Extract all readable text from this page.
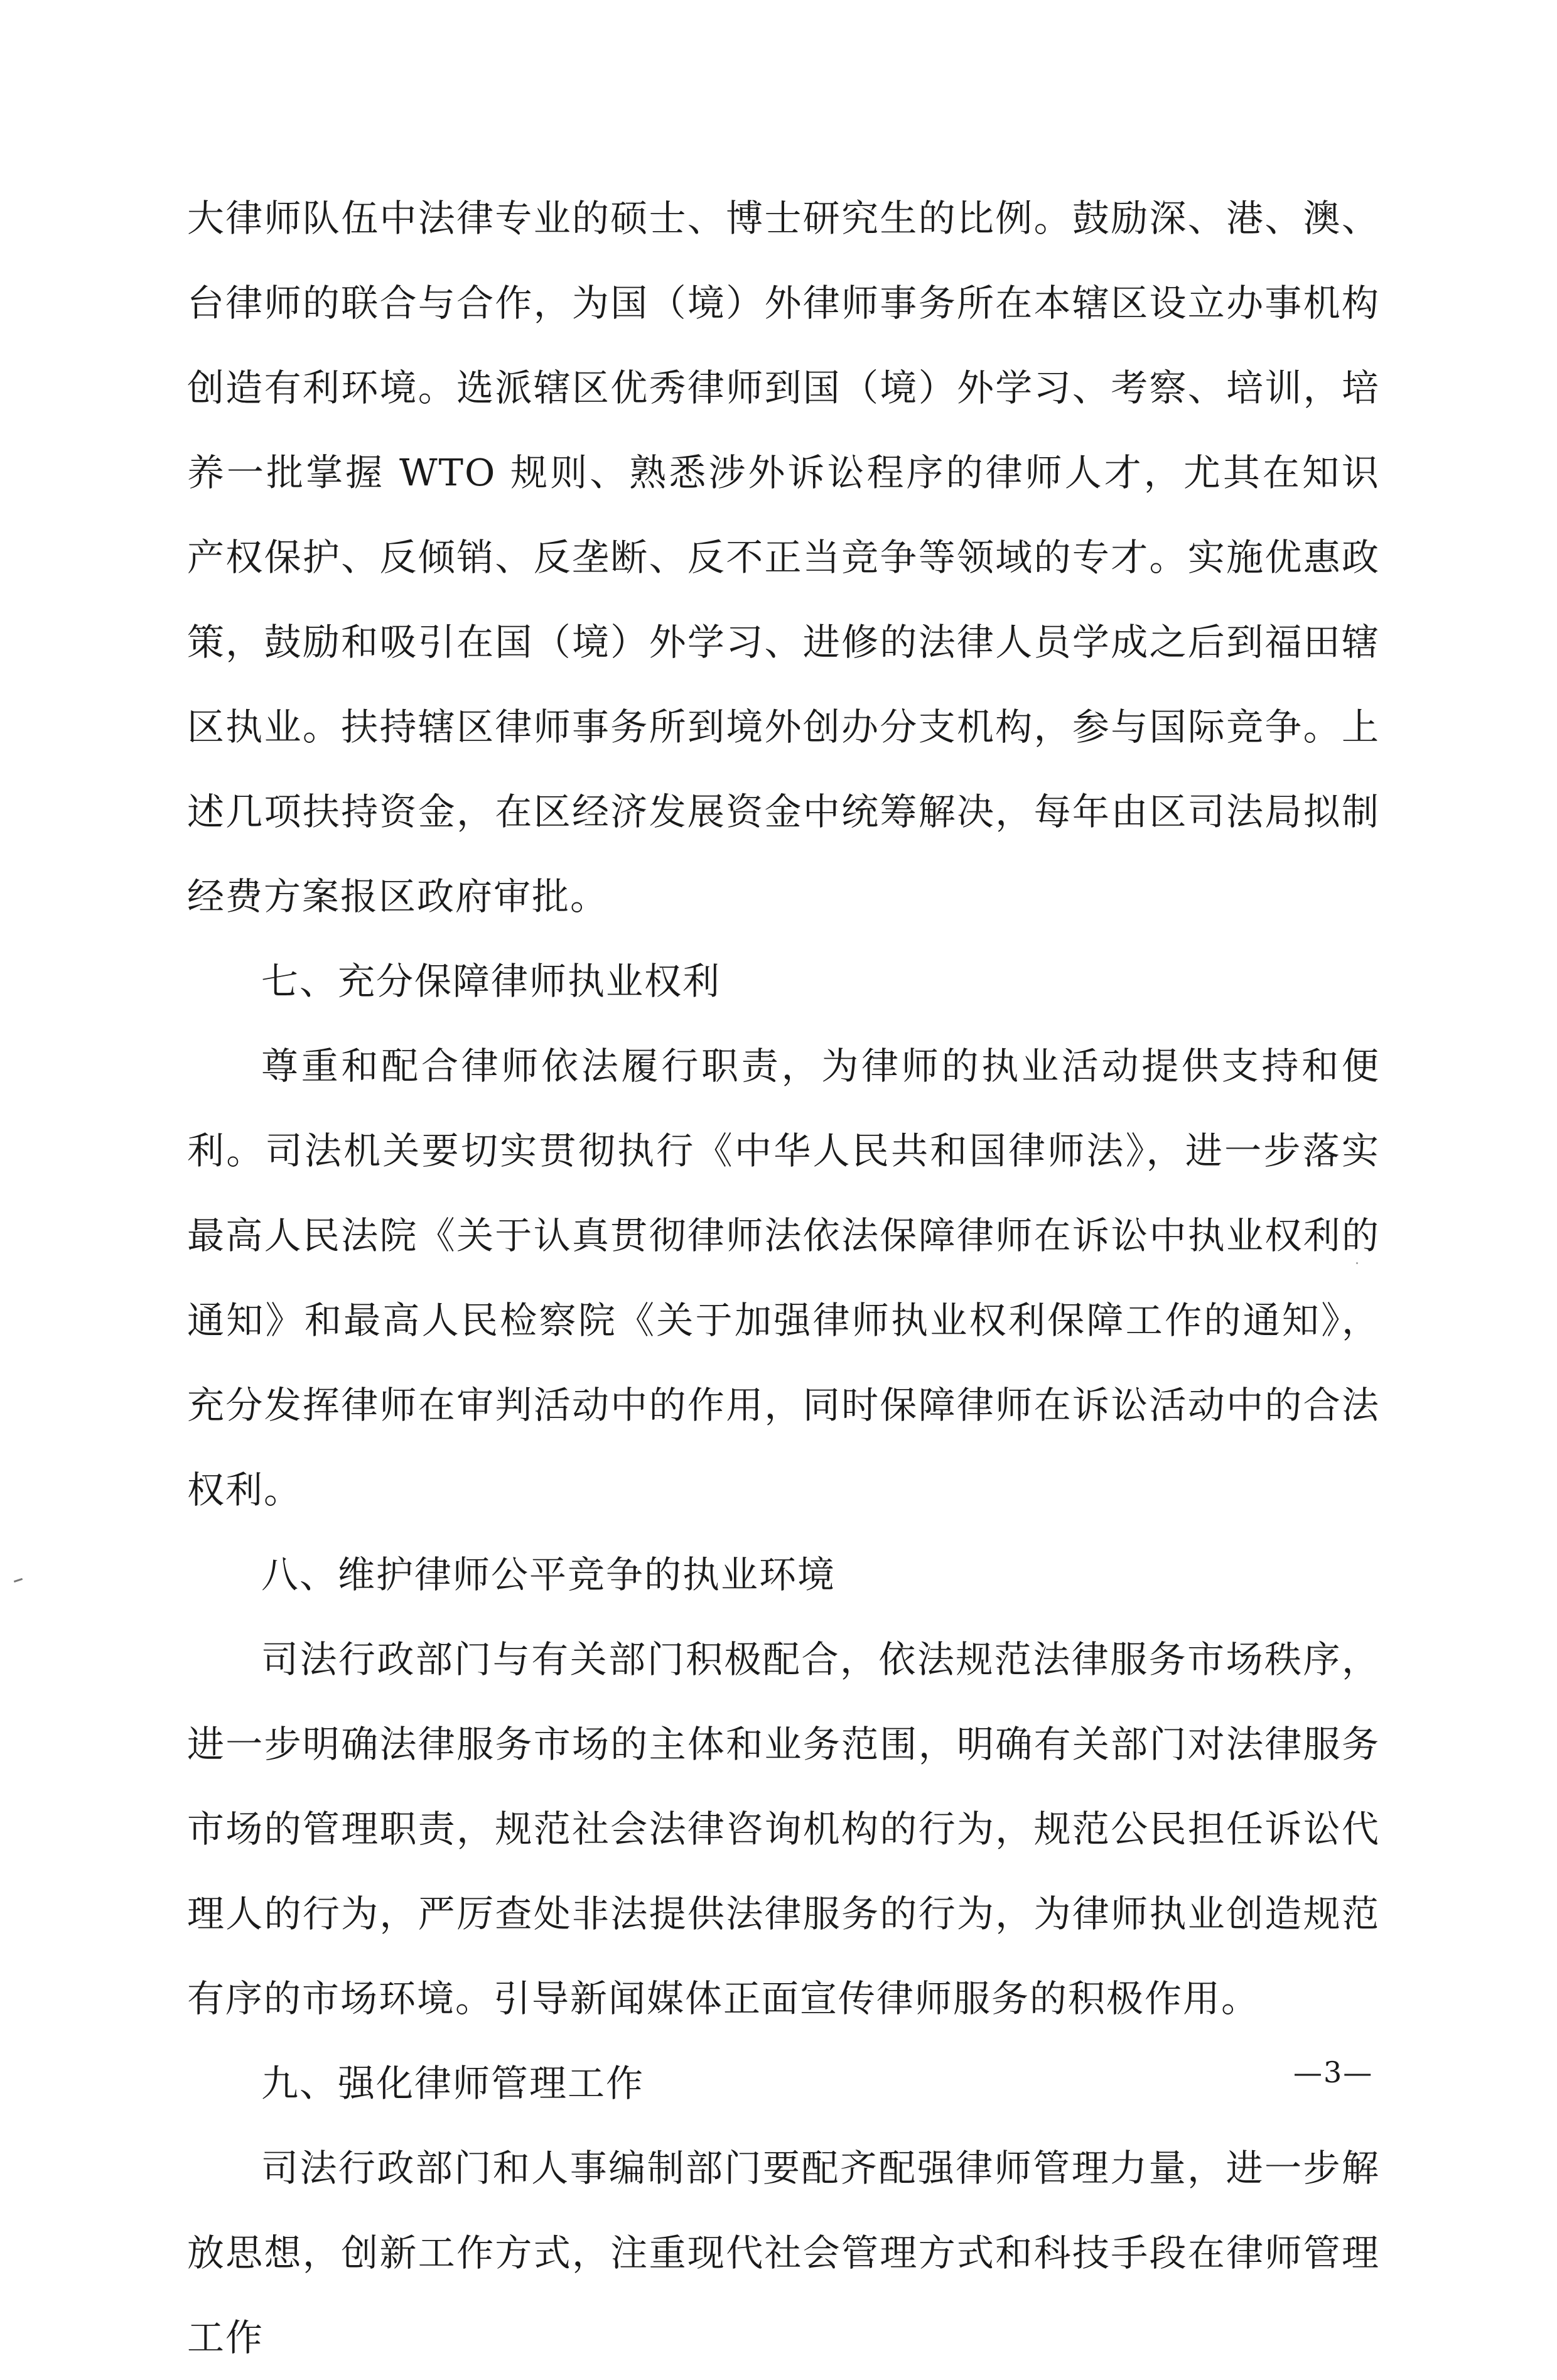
大律师队伍中法律专业的硕士、博士研究生的比例。鼓励深、港、澳、台律师的联合与合作，为国（境）外律师事务所在本辖区设立办事机构创造有利环境。选派辖区优秀律师到国（境）外学习、考察、培训，培养一批掌握 WTO 规则、熟悉涉外诉讼程序的律师人才，尤其在知识产权保护、反倾销、反垄断、反不正当竞争等领域的专才。实施优惠政策，鼓励和吸引在国（境）外学习、进修的法律人员学成之后到福田辖区执业。扶持辖区律师事务所到境外创办分支机构，参与国际竞争。上述几项扶持资金，在区经济发展资金中统筹解决，每年由区司法局拟制经费方案报区政府审批。

七、充分保障律师执业权利

尊重和配合律师依法履行职责，为律师的执业活动提供支持和便利。司法机关要切实贯彻执行《中华人民共和国律师法》，进一步落实最高人民法院《关于认真贯彻律师法依法保障律师在诉讼中执业权利的通知》和最高人民检察院《关于加强律师执业权利保障工作的通知》，充分发挥律师在审判活动中的作用，同时保障律师在诉讼活动中的合法权利。

八、维护律师公平竞争的执业环境

司法行政部门与有关部门积极配合，依法规范法律服务市场秩序，进一步明确法律服务市场的主体和业务范围，明确有关部门对法律服务市场的管理职责，规范社会法律咨询机构的行为，规范公民担任诉讼代理人的行为，严厉查处非法提供法律服务的行为，为律师执业创造规范有序的市场环境。引导新闻媒体正面宣传律师服务的积极作用。

九、强化律师管理工作

司法行政部门和人事编制部门要配齐配强律师管理力量，进一步解放思想，创新工作方式，注重现代社会管理方式和科技手段在律师管理工作

—3—
